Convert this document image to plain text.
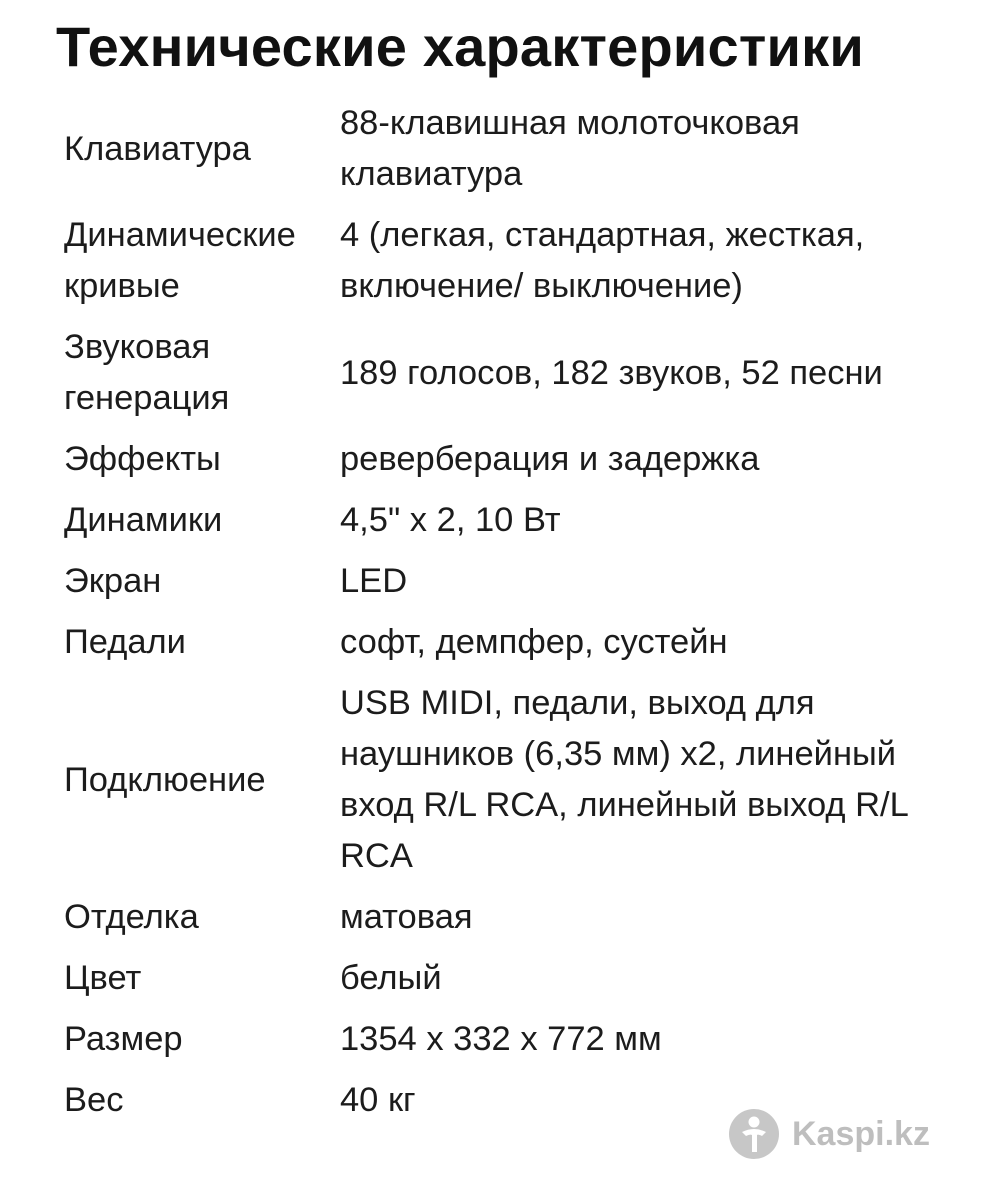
Технические характеристики
Клавиатура	88-клавишная молоточковая клавиатура
Динамические кривые	4 (легкая, стандартная, жесткая, включение/ выключение)
Звуковая генерация	189 голосов, 182 звуков, 52 песни
Эффекты	реверберация и задержка
Динамики	4,5" х 2, 10 Вт
Экран	LED
Педали	софт, демпфер, сустейн
Подклюение	USB MIDI, педали, выход для наушников (6,35 мм) х2, линейный вход R/L RCA, линейный выход R/L RCA
Отделка	матовая
Цвет	белый
Размер	1354 х 332 х 772 мм
Вес	40 кг
Kaspi.kz
